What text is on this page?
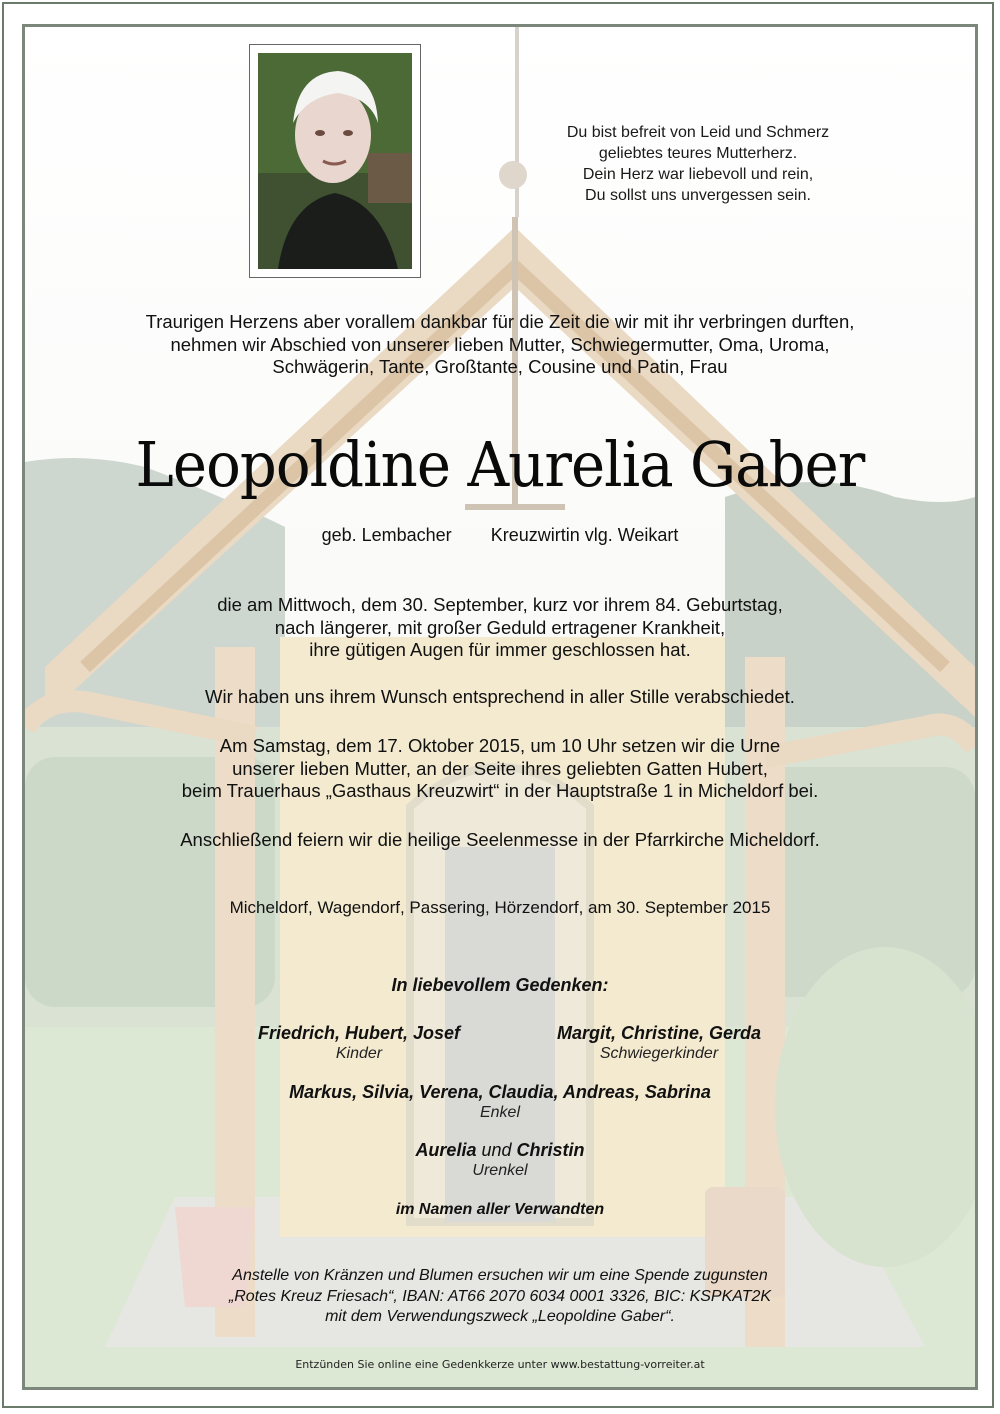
Du bist befreit von Leid und Schmerz
geliebtes teures Mutterherz.
Dein Herz war liebevoll und rein,
Du sollst uns unvergessen sein.
Traurigen Herzens aber vorallem dankbar für die Zeit die wir mit ihr verbringen durften,
nehmen wir Abschied von unserer lieben Mutter, Schwiegermutter, Oma, Uroma,
Schwägerin, Tante, Großtante, Cousine und Patin, Frau
Leopoldine Aurelia Gaber
geb. Lembacher Kreuzwirtin vlg. Weikart
die am Mittwoch, dem 30. September, kurz vor ihrem 84. Geburtstag,
nach längerer, mit großer Geduld ertragener Krankheit,
ihre gütigen Augen für immer geschlossen hat.
Wir haben uns ihrem Wunsch entsprechend in aller Stille verabschiedet.
Am Samstag, dem 17. Oktober 2015, um 10 Uhr setzen wir die Urne
unserer lieben Mutter, an der Seite ihres geliebten Gatten Hubert,
beim Trauerhaus „Gasthaus Kreuzwirt“ in der Hauptstraße 1 in Micheldorf bei.
Anschließend feiern wir die heilige Seelenmesse in der Pfarrkirche Micheldorf.
Micheldorf, Wagendorf, Passering, Hörzendorf, am 30. September 2015
In liebevollem Gedenken:
Friedrich, Hubert, Josef
Kinder
Margit, Christine, Gerda
Schwiegerkinder
Markus, Silvia, Verena, Claudia, Andreas, Sabrina
Enkel
Aurelia und Christin
Urenkel
im Namen aller Verwandten
Anstelle von Kränzen und Blumen ersuchen wir um eine Spende zugunsten
„Rotes Kreuz Friesach“, IBAN: AT66 2070 6034 0001 3326, BIC: KSPKAT2K
mit dem Verwendungszweck „Leopoldine Gaber“.
Entzünden Sie online eine Gedenkkerze unter www.bestattung-vorreiter.at
